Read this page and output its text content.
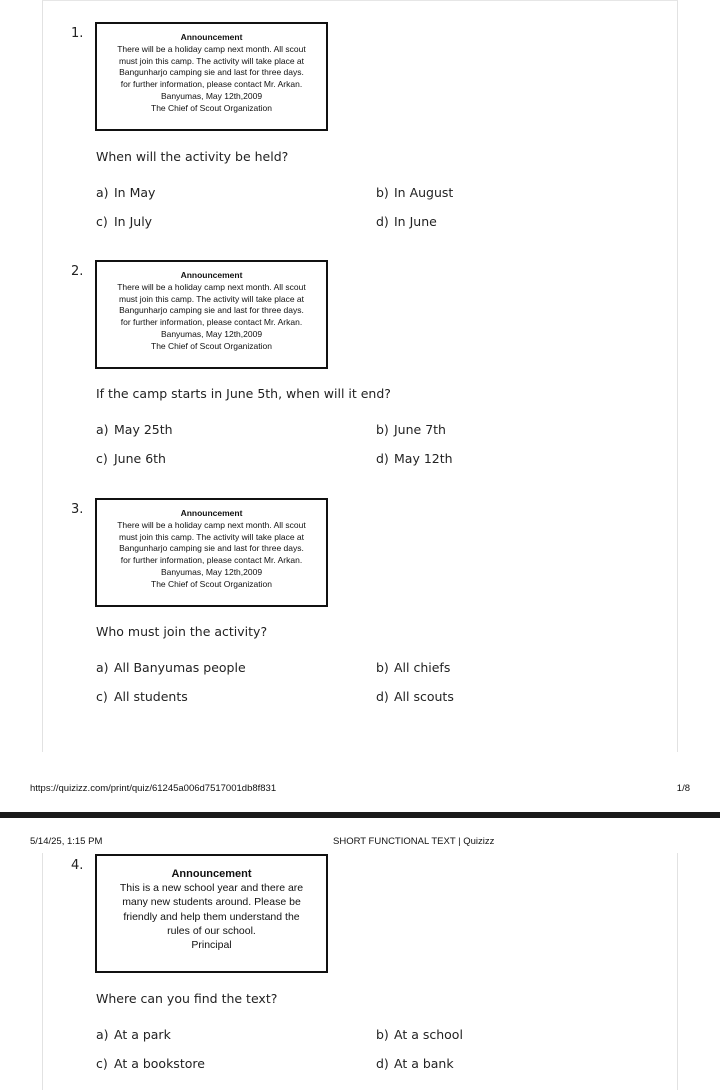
1.	Announcement
There will be a holiday camp next month. All scout
must join this camp. The activity will take place at
Bangunharjo camping sie and last for three days.
for further information, please contact Mr. Arkan.
Banyumas, May 12th,2009
The Chief of Scout Organization
When will the activity be held?
a) In May	b) In August
c) In July	d) In June
2.	Announcement
There will be a holiday camp next month. All scout
must join this camp. The activity will take place at
Bangunharjo camping sie and last for three days.
for further information, please contact Mr. Arkan.
Banyumas, May 12th,2009
The Chief of Scout Organization
If the camp starts in June 5th, when will it end?
a) May 25th	b) June 7th
c) June 6th	d) May 12th
3.	Announcement
There will be a holiday camp next month. All scout
must join this camp. The activity will take place at
Bangunharjo camping sie and last for three days.
for further information, please contact Mr. Arkan.
Banyumas, May 12th,2009
The Chief of Scout Organization
Who must join the activity?
a) All Banyumas people	b) All chiefs
c) All students	d) All scouts
https://quizizz.com/print/quiz/61245a006d7517001db8f831	1/8
5/14/25, 1:15 PM	SHORT FUNCTIONAL TEXT | Quizizz
4.
Announcement
This is a new school year and there are
many new students around. Please be
friendly and help them understand the
rules of our school.
Principal
Where can you find the text?
a) At a park	b) At a school
c) At a bookstore	d) At a bank
